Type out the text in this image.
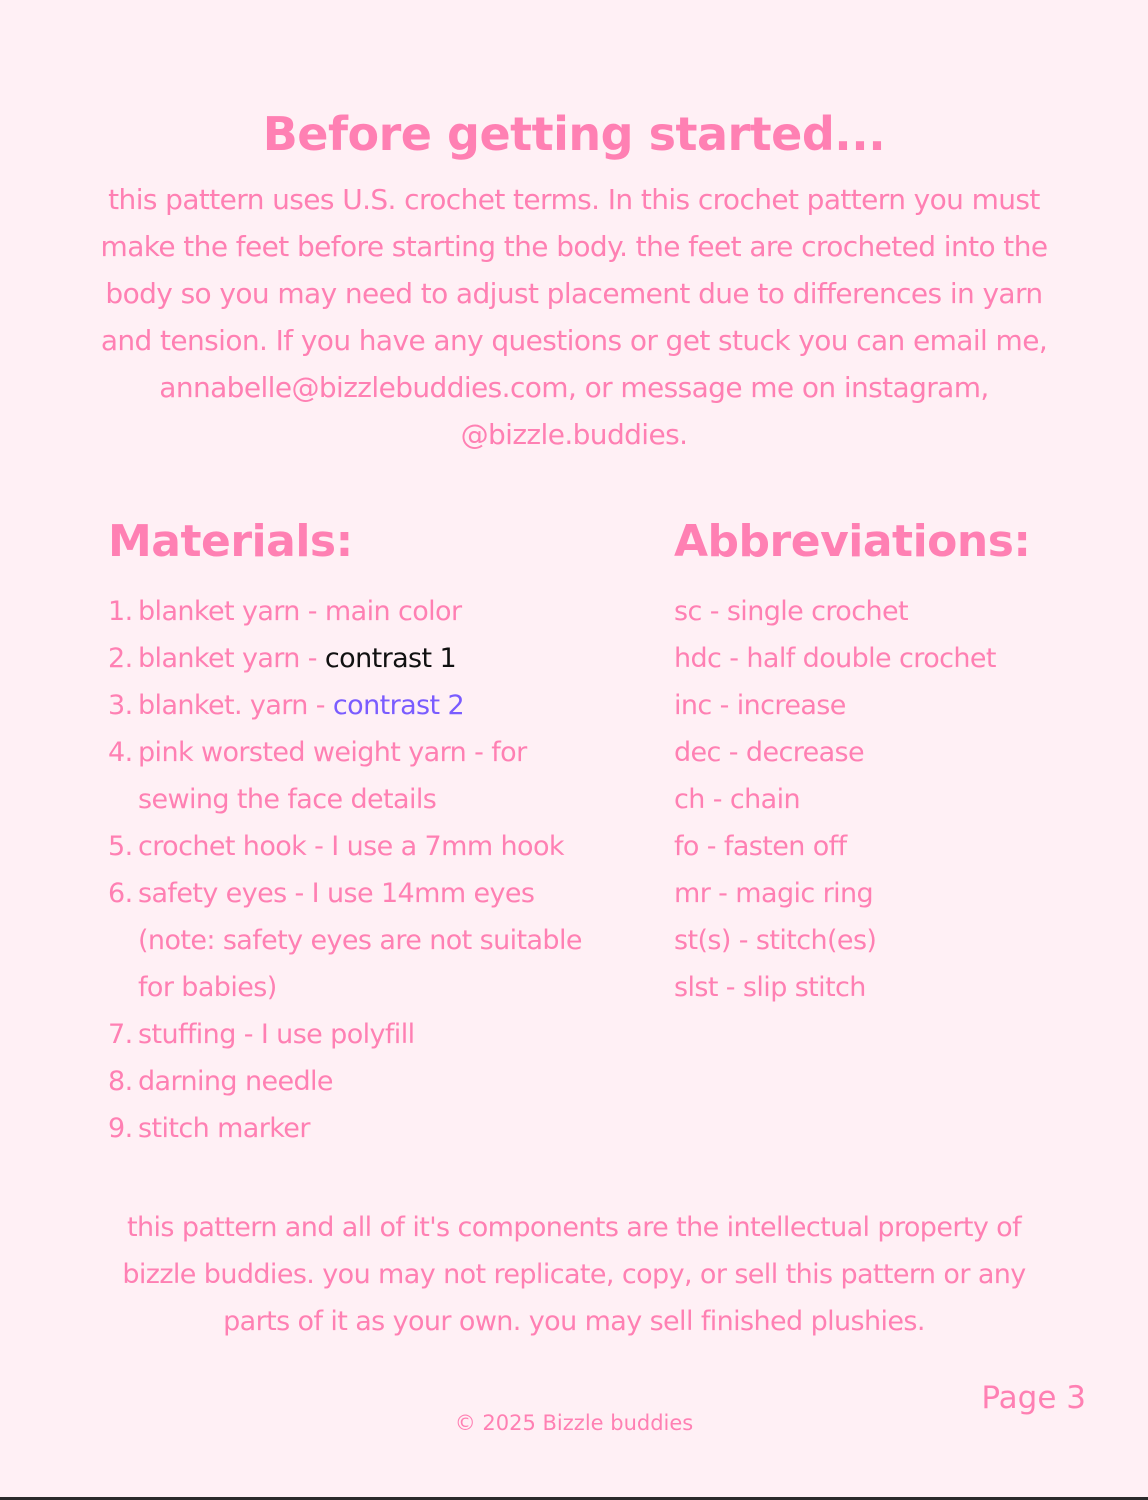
Before getting started...
this pattern uses U.S. crochet terms. In this crochet pattern you must make the feet before starting the body. the feet are crocheted into the body so you may need to adjust placement due to differences in yarn and tension. If you have any questions or get stuck you can email me, annabelle@bizzlebuddies.com, or message me on instagram, @bizzle.buddies.
Materials:
1. blanket yarn - main color
2. blanket yarn - contrast 1
3. blanket. yarn - contrast 2
4. pink worsted weight yarn - for sewing the face details
5. crochet hook - I use a 7mm hook
6. safety eyes - I use 14mm eyes (note: safety eyes are not suitable for babies)
7. stuffing - I use polyfill
8. darning needle
9. stitch marker
Abbreviations:
sc - single crochet
hdc - half double crochet
inc - increase
dec - decrease
ch - chain
fo - fasten off
mr - magic ring
st(s) - stitch(es)
slst - slip stitch
this pattern and all of it's components are the intellectual property of bizzle buddies. you may not replicate, copy, or sell this pattern or any parts of it as your own. you may sell finished plushies.
Page 3
© 2025 Bizzle buddies
